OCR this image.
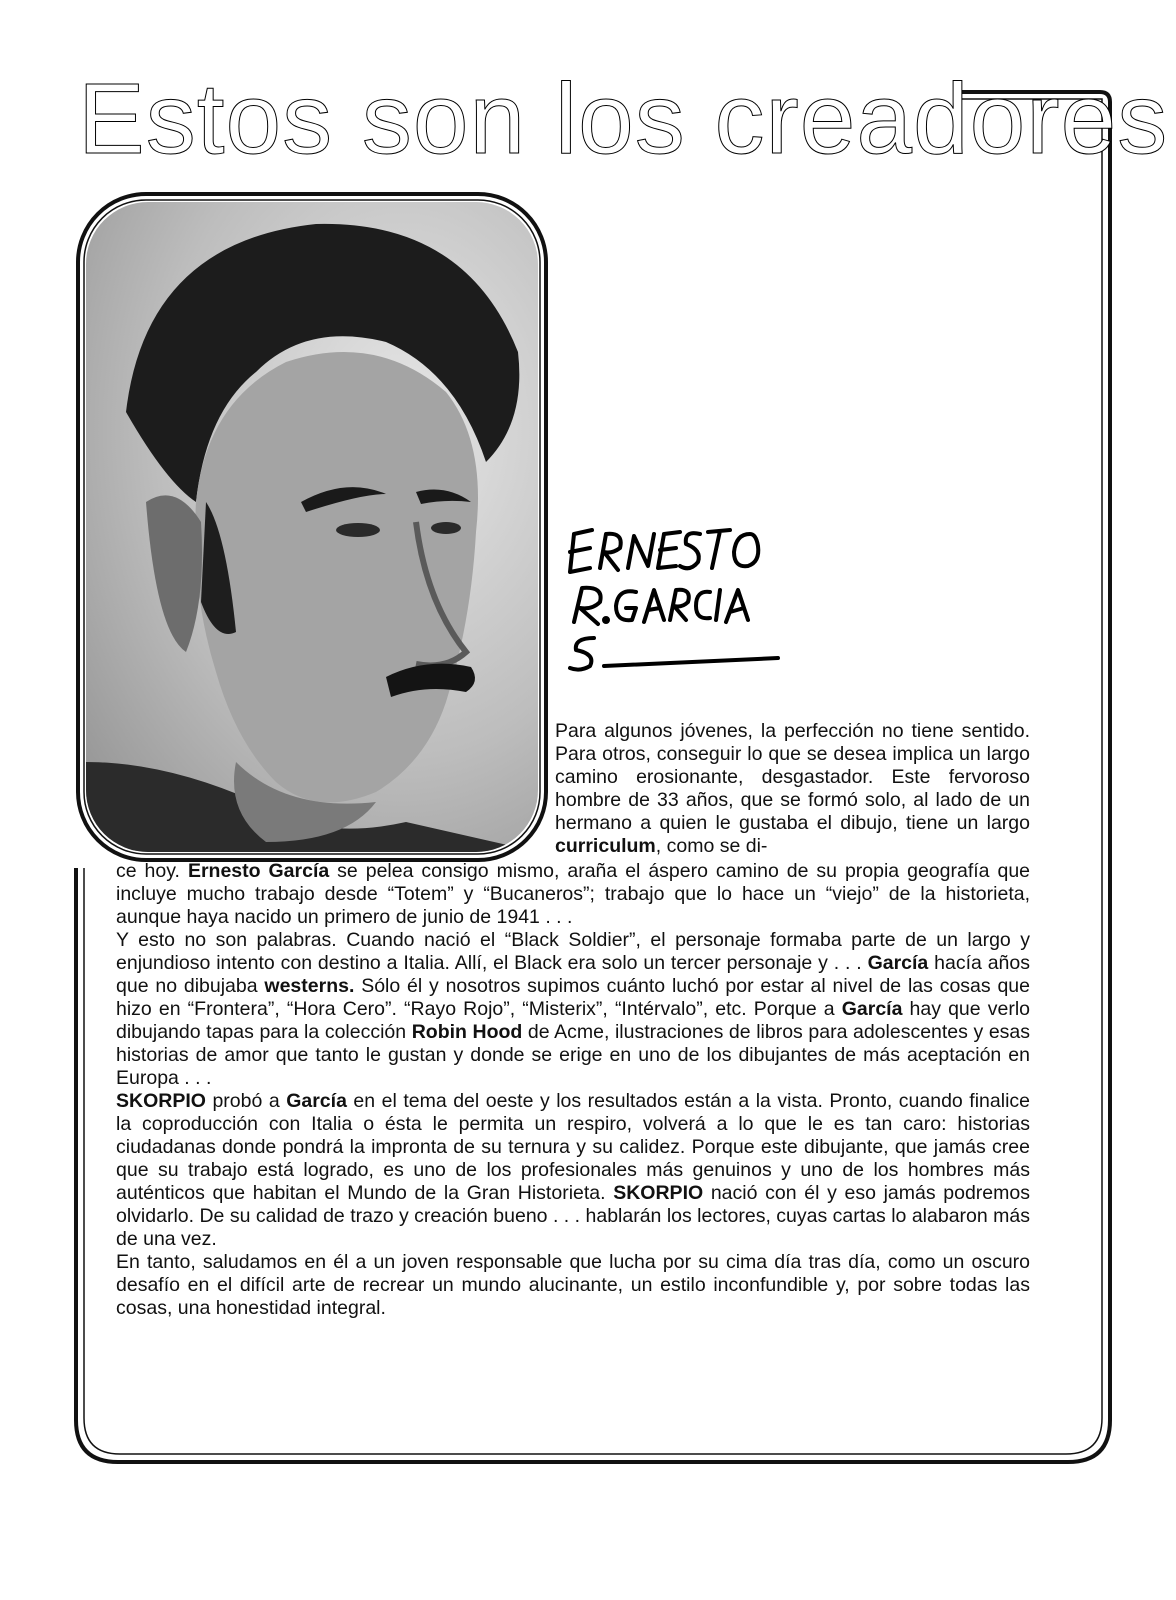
Estos son los creadores

Para algunos jóvenes, la perfección no tiene sentido. Para otros, conseguir lo que se desea implica un largo camino erosionante, desgastador. Este fervoroso hombre de 33 años, que se formó solo, al lado de un hermano a quien le gustaba el dibujo, tiene un largo curriculum, como se di-

ce hoy. Ernesto García se pelea consigo mismo, araña el áspero camino de su propia geografía que incluye mucho trabajo desde “Totem” y “Bucaneros”; trabajo que lo hace un “viejo” de la historieta, aunque haya nacido un primero de junio de 1941 . . .

Y esto no son palabras. Cuando nació el “Black Soldier”, el personaje formaba parte de un largo y enjundioso intento con destino a Italia. Allí, el Black era solo un tercer personaje y . . . García hacía años que no dibujaba westerns. Sólo él y nosotros supimos cuánto luchó por estar al nivel de las cosas que hizo en “Frontera”, “Hora Cero”. “Rayo Rojo”, “Misterix”, “Intérvalo”, etc. Porque a García hay que verlo dibujando tapas para la colección Robin Hood de Acme, ilustraciones de libros para adolescentes y esas historias de amor que tanto le gustan y donde se erige en uno de los dibujantes de más aceptación en Europa . . .

SKORPIO probó a García en el tema del oeste y los resultados están a la vista. Pronto, cuando finalice la coproducción con Italia o ésta le permita un respiro, volverá a lo que le es tan caro: historias ciudadanas donde pondrá la impronta de su ternura y su calidez. Porque este dibujante, que jamás cree que su trabajo está logrado, es uno de los profesionales más genuinos y uno de los hombres más auténticos que habitan el Mundo de la Gran Historieta. SKORPIO nació con él y eso jamás podremos olvidarlo. De su calidad de trazo y creación bueno . . . hablarán los lectores, cuyas cartas lo alabaron más de una vez.

En tanto, saludamos en él a un joven responsable que lucha por su cima día tras día, como un oscuro desafío en el difícil arte de recrear un mundo alucinante, un estilo inconfundible y, por sobre todas las cosas, una honestidad integral.
